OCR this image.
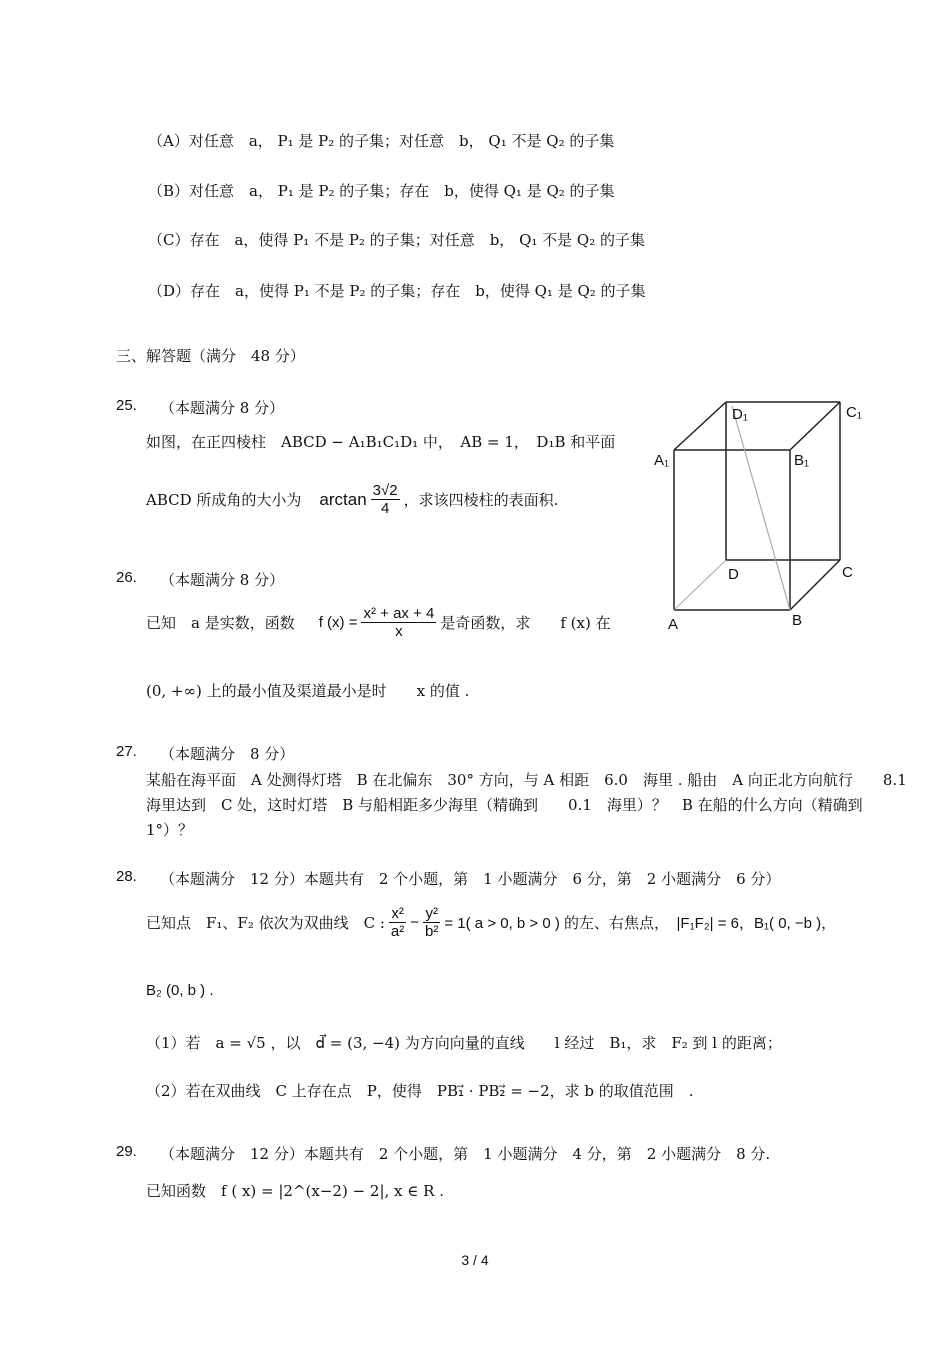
（A）对任意　a， P₁ 是 P₂ 的子集；对任意　b， Q₁ 不是 Q₂ 的子集
（B）对任意　a， P₁ 是 P₂ 的子集；存在　b，使得 Q₁ 是 Q₂ 的子集
（C）存在　a，使得 P₁ 不是 P₂ 的子集；对任意　b， Q₁ 不是 Q₂ 的子集
（D）存在　a，使得 P₁ 不是 P₂ 的子集；存在　b，使得 Q₁ 是 Q₂ 的子集
三、解答题（满分　48 分）
25. （本题满分 8 分）
如图，在正四棱柱　ABCD − A₁B₁C₁D₁ 中，　AB = 1，　D₁B 和平面
ABCD 所成角的大小为 $\arctan \frac{3√2}{4}$ ，求该四棱柱的表面积.
D₁	C₁
A₁	B₁
D	C
A	B
26. （本题满分 8 分）
已知　a 是实数，函数 f $(x) = \frac{\text{x² + ax + 4}}{x}$ 是奇函数，求　　f (x) 在
(0, +∞) 上的最小值及渠道最小是时　　x 的值 .
27. （本题满分　8 分）
某船在海平面　A 处测得灯塔　B 在北偏东　30° 方向，与 A 相距　6.0　海里 . 船由　A 向正北方向航行　　8.1
海里达到　C 处，这时灯塔　B 与船相距多少海里（精确到　　0.1　海里）？　B 在船的什么方向（精确到
1°）？
28. （本题满分　12 分）本题共有　2 个小题，第　1 小题满分　6 分，第　2 小题满分　6 分）
已知点　F₁、F₂ 依次为双曲线　C : $\frac{\text{x²}}{\text{a²}} - \frac{\text{y²}}{\text{b²}} = 1$( a > 0, b > 0 ) 的左、右焦点，　|F₁F₂| = 6，B₁( 0, −b )，
B₂ (0, b ) .
（1）若　a = √5 ，以　d⃗ = (3, −4) 为方向向量的直线　　l 经过　B₁，求　F₂ 到 l 的距离；
（2）若在双曲线　C 上存在点　P，使得　PB₁⃗ · PB₂⃗ = −2，求 b 的取值范围　.
29. （本题满分　12 分）本题共有　2 个小题，第　1 小题满分　4 分，第　2 小题满分　8 分.
已知函数　f ( x) = |2^(x−2) − 2|, x ∈ R .
3 / 4
